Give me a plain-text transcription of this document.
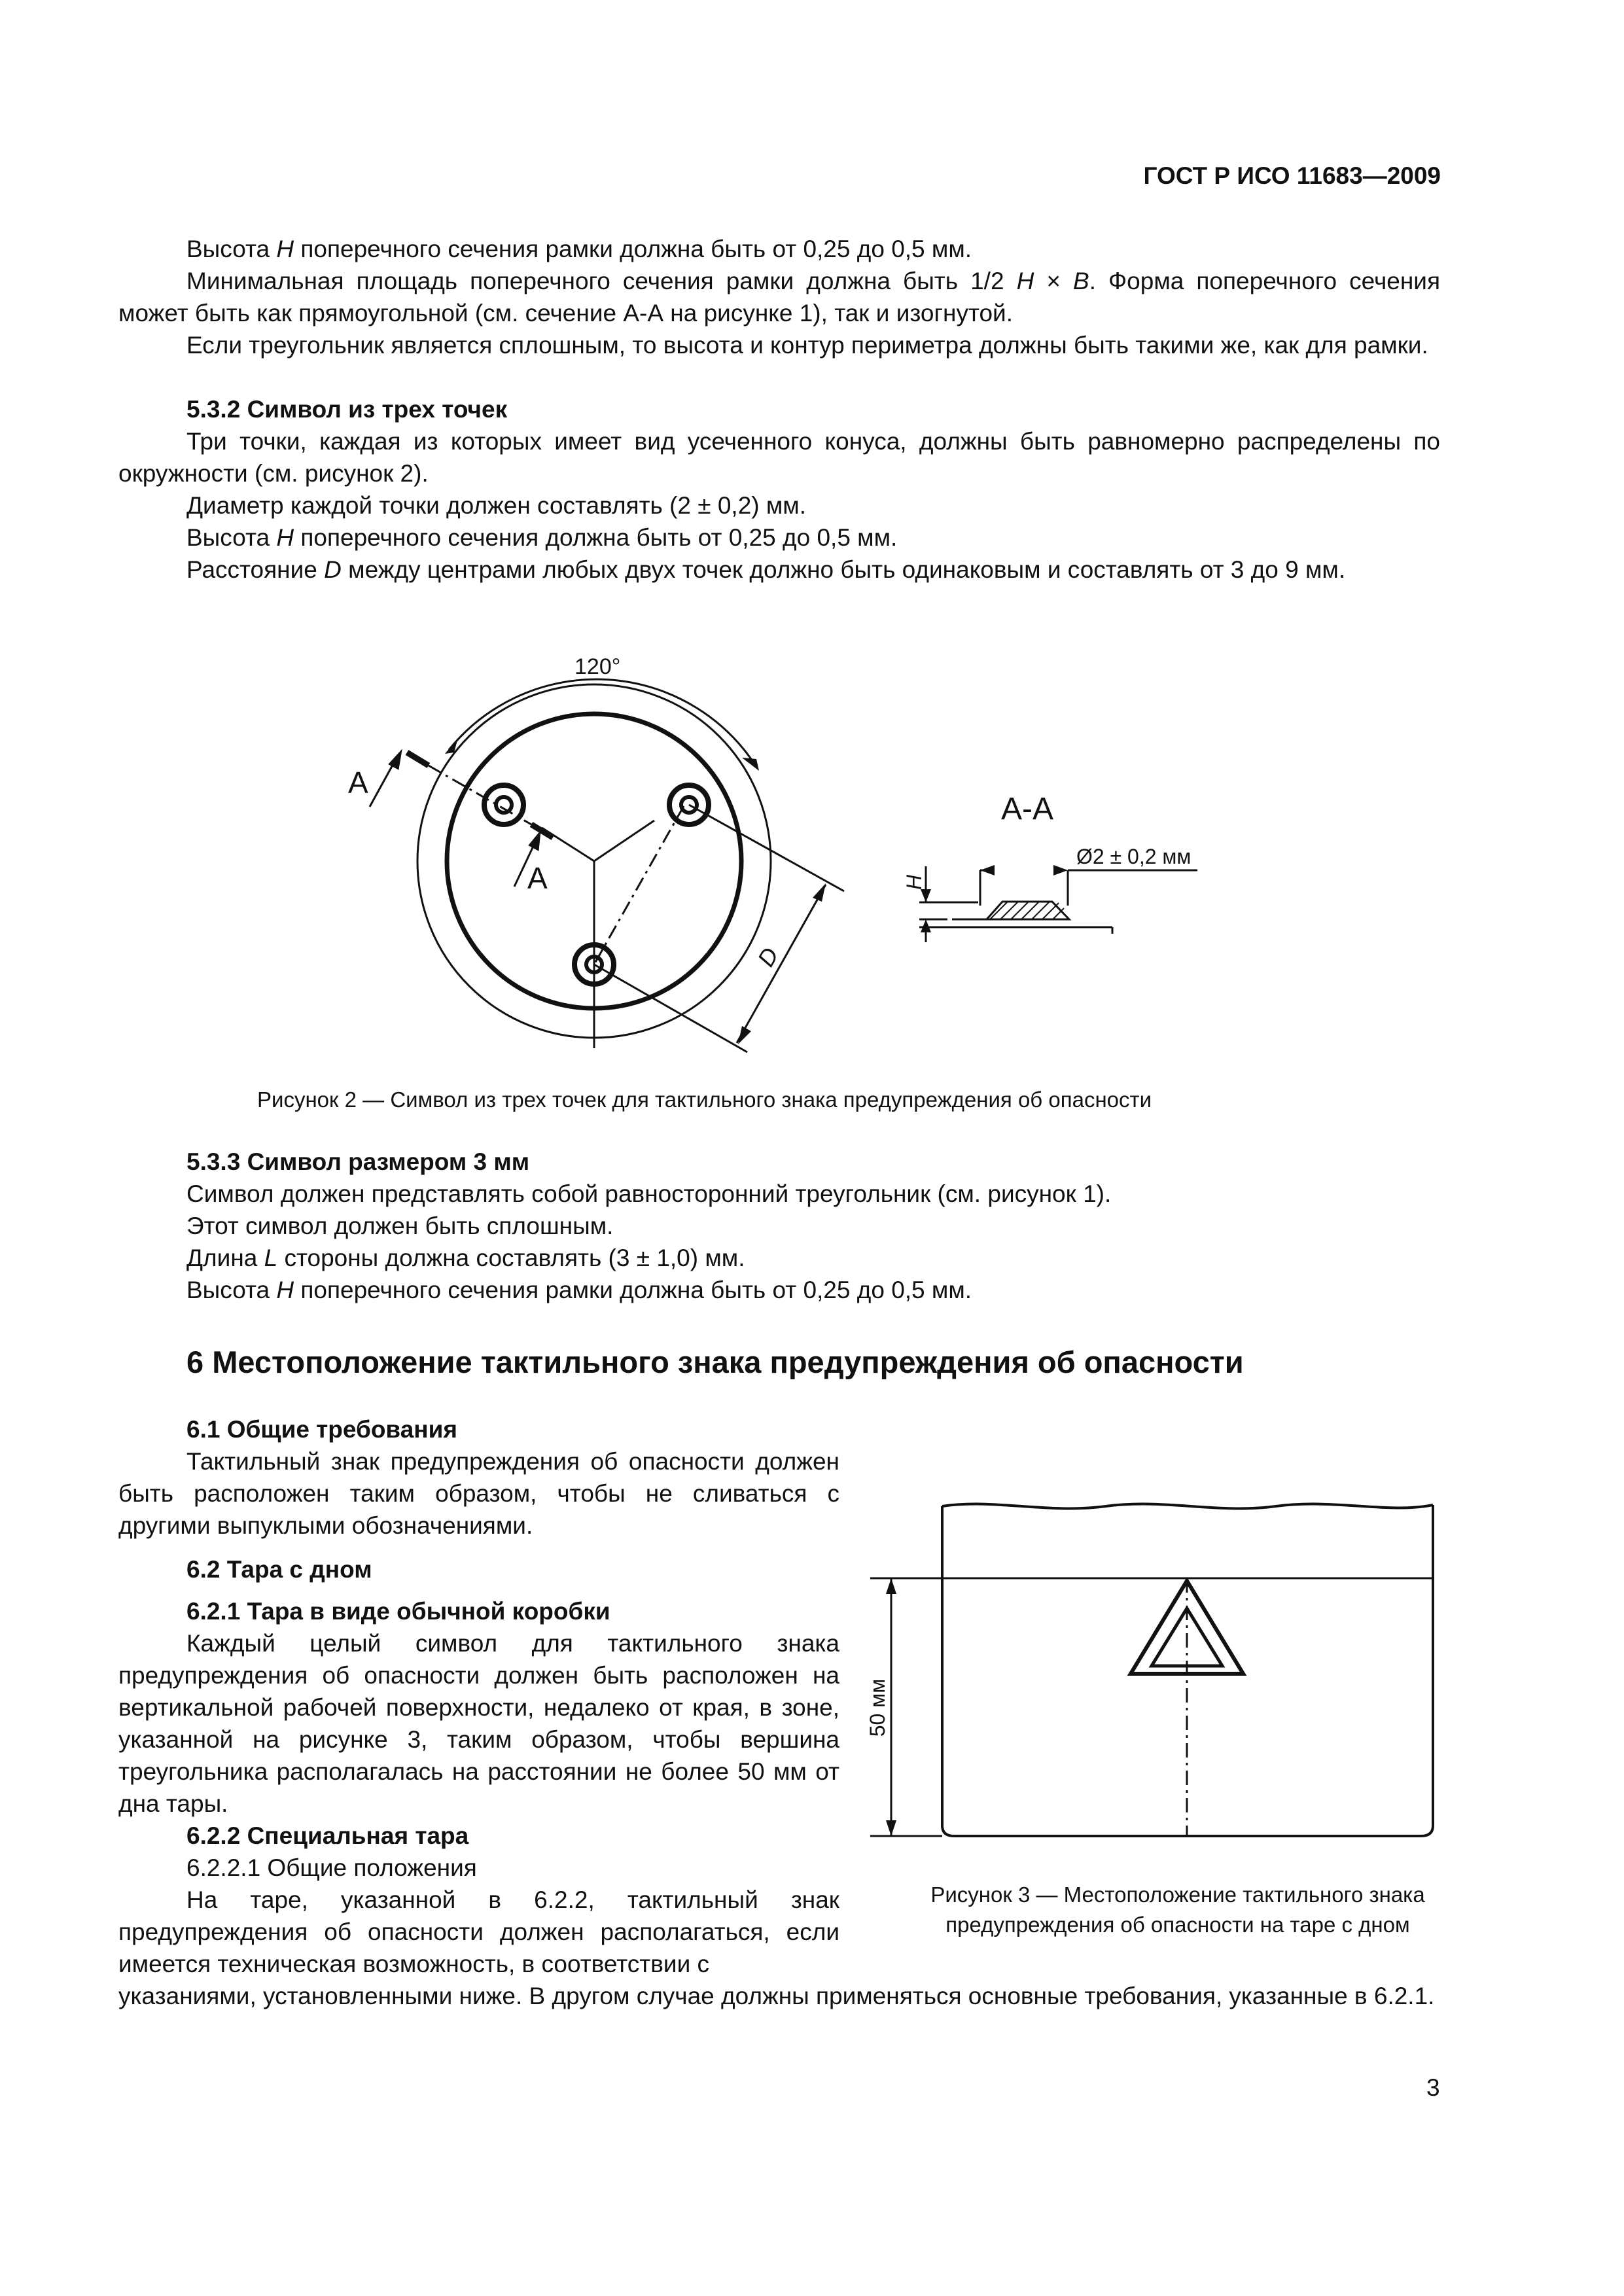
ГОСТ Р ИСО 11683—2009

Высота H поперечного сечения рамки должна быть от 0,25 до 0,5 мм.

Минимальная площадь поперечного сечения рамки должна быть 1/2 H × B. Форма поперечного сечения может быть как прямоугольной (см. сечение А-А на рисунке 1), так и изогнутой.

Если треугольник является сплошным, то высота и контур периметра должны быть такими же, как для рамки.

5.3.2 Символ из трех точек

Три точки, каждая из которых имеет вид усеченного конуса, должны быть равномерно распределены по окружности (см. рисунок 2).

Диаметр каждой точки должен составлять (2 ± 0,2) мм.

Высота H поперечного сечения должна быть от 0,25 до 0,5 мм.

Расстояние D между центрами любых двух точек должно быть одинаковым и составлять от 3 до 9 мм.

А
А
120°
D
А-А
H
Ø2 ± 0,2 мм
Рисунок 2 — Символ из трех точек для тактильного знака предупреждения об опасности
5.3.3 Символ размером 3 мм

Символ должен представлять собой равносторонний треугольник (см. рисунок 1).

Этот символ должен быть сплошным.

Длина L стороны должна составлять (3 ± 1,0) мм.

Высота H поперечного сечения рамки должна быть от 0,25 до 0,5 мм.

6 Местоположение тактильного знака предупреждения об опасности
6.1 Общие требования

Тактильный знак предупреждения об опасности должен быть расположен таким образом, чтобы не сливаться с другими выпуклыми обозначениями.

6.2 Тара с дном
6.2.1 Тара в виде обычной коробки

Каждый целый символ для тактильного знака предупреждения об опасности должен быть расположен на вертикальной рабочей поверхности, недалеко от края, в зоне, указанной на рисунке 3, таким образом, чтобы вершина треугольника располагалась на расстоянии не более 50 мм от дна тары.

6.2.2 Специальная тара
6.2.2.1 Общие положения

На таре, указанной в 6.2.2, тактильный знак предупреждения об опасности должен располагаться, если имеется техническая возможность, в соответствии с

указаниями, установленными ниже. В другом случае должны применяться основные требования, указанные в 6.2.1.

50 мм
Рисунок 3 — Местоположение тактильного знака предупреждения об опасности на таре с дном
3
